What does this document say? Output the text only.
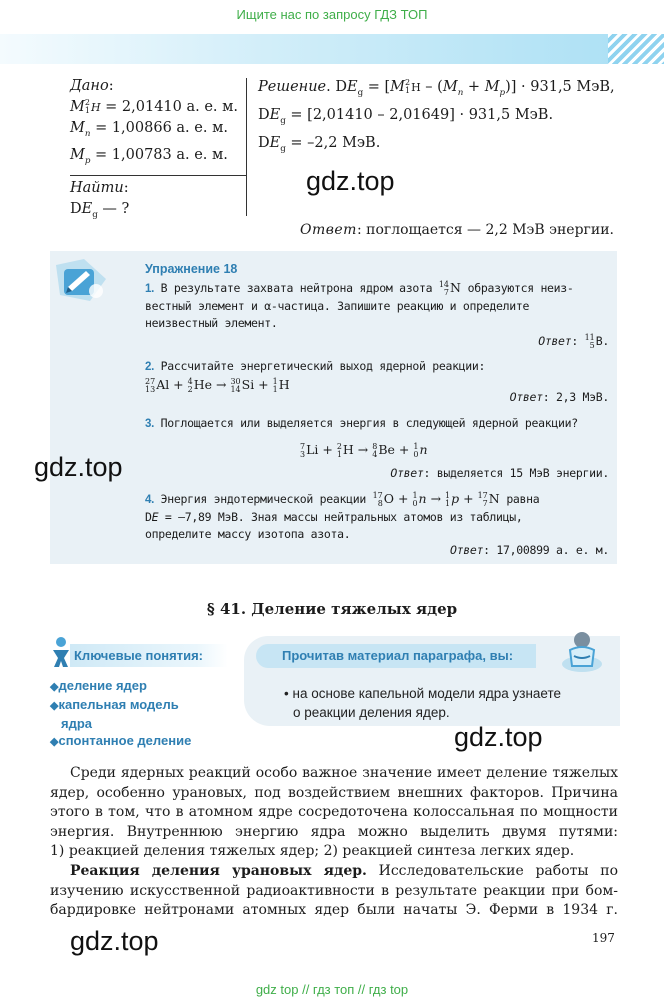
Ищите нас по запросу ГДЗ ТОП
Дано:
M 2
1 H = 2,01410 а. е. м.
$M_n = 1,00866$ а. е. м.
$M_p = 1,00783$ а. е. м.
Найти:
$DE_g$ — ?
Решение. $DE_g = [M$ 2
1 $H - (M_n + M_p)] \cdot 931,5$ МэВ,
$DE_g = [2,01410 - 2,01649] \cdot 931,5$ МэВ.
$DE_g = -2,2$ МэВ.
Ответ: поглощается — 2,2 МэВ энергии.
gdz.top
Упражнение 18
1. В результате захвата нейтрона ядром азота 14
7 N образуются неиз-
вестный элемент и α-частица. Запишите реакцию и определите
неизвестный элемент.
Ответ: 11
5 B.
2. Рассчитайте энергетический выход ядерной реакции:

27
13 Al + 4
2 He → 30
14 Si + 1
1 H
Ответ: 2,3 МэВ.
3. Поглощается или выделяется энергия в следующей ядерной реакции?
7
3 Li + 2
1 H → 8
4 Be + 1
0 n
Ответ: выделяется 15 МэВ энергии.
4. Энергия эндотермической реакции 17
8 O + 1
0 n → 1
1 p + 17
7 N равна
DE = –7,89 МэВ. Зная массы нейтральных атомов из таблицы,
определите массу изотопа азота.
Ответ: 17,00899 а. е. м.
gdz.top
§ 41. Деление тяжелых ядер
Ключевые понятия:
◆деление ядер
◆капельная модель
ядра
◆спонтанное деление
Прочитав материал параграфа, вы:
• на основе капельной модели ядра узнаете
о реакции деления ядер.
gdz.top
Среди ядерных реакций особо важное значение имеет деление тяжелых
ядер, особенно урановых, под воздействием внешних факторов. Причина
этого в том, что в атомном ядре сосредоточена колоссальная по мощности
энергия. Внутреннюю энергию ядра можно выделить двумя путями:
1) реакцией деления тяжелых ядер; 2) реакцией синтеза легких ядер.
Реакция деления урановых ядер. Исследовательские работы по
изучению искусственной радиоактивности в результате реакции при бом-
бардировке нейтронами атомных ядер были начаты Э. Ферми в 1934 г.
gdz.top	197
gdz top // гдз топ // гдз top
